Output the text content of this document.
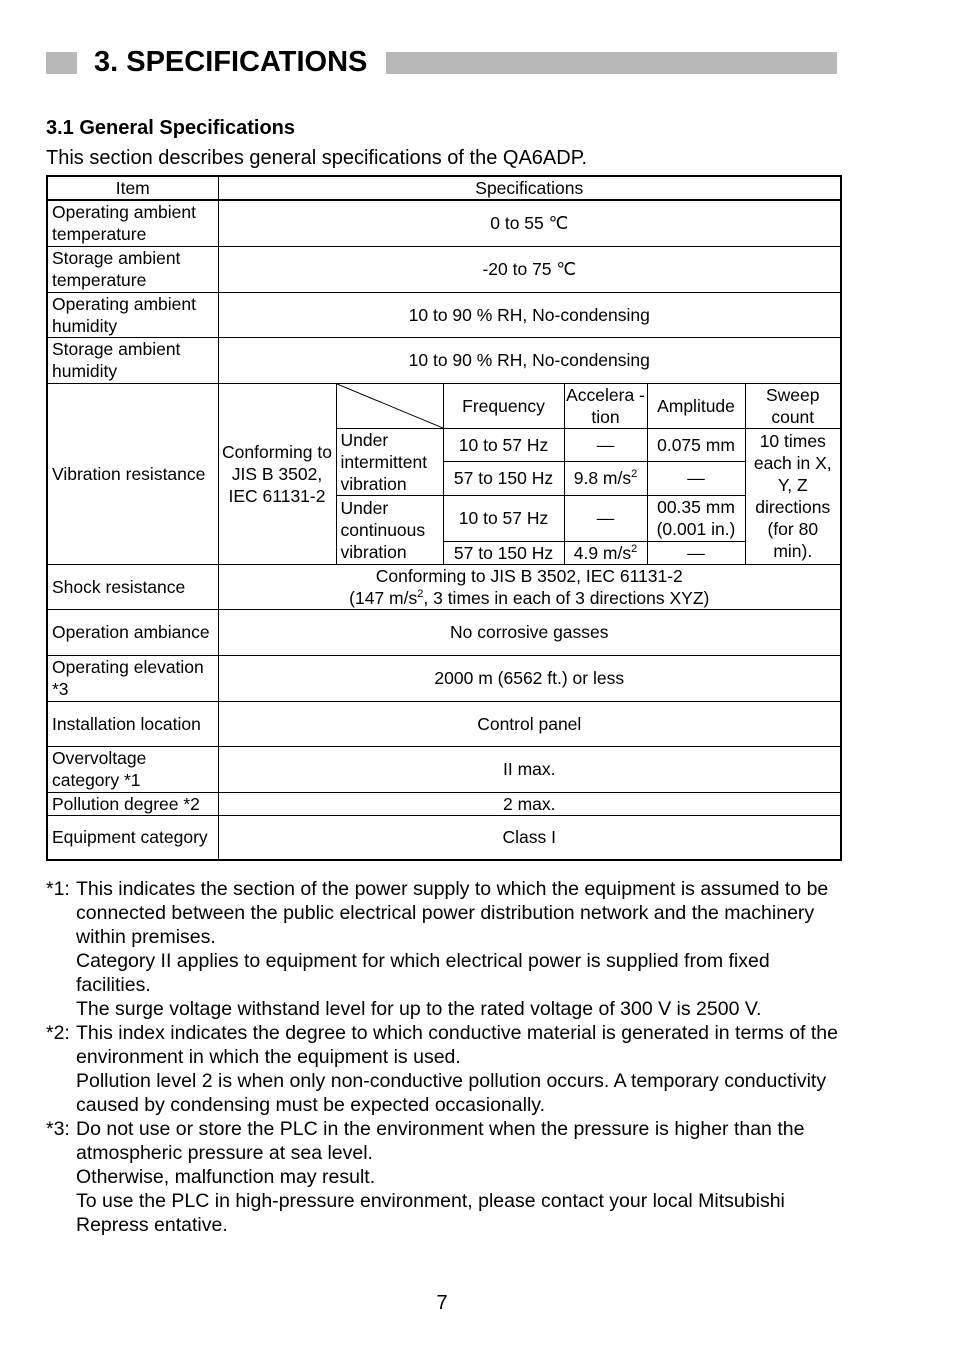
3. SPECIFICATIONS
3.1 General Specifications
This section describes general specifications of the QA6ADP.
Item	Specifications					
Operating ambient temperature	0 to 55 ℃					
Storage ambient temperature	-20 to 75 ℃					
Operating ambient humidity	10 to 90 % RH, No-condensing					
Storage ambient humidity	10 to 90 % RH, No-condensing					
Vibration resistance	Conforming to JIS B 3502, IEC 61131-2		Frequency	Accelera -tion	Amplitude	Sweep count
		Under intermittent vibration	10 to 57 Hz	—	0.075 mm	10 times each in X, Y, Z directions (for 80 min).
			57 to 150 Hz	9.8 $m/s^2$	—	
		Under continuous vibration	10 to 57 Hz	—	00.35 mm (0.001 in.)	
			57 to 150 Hz	4.9 $m/s^2$	—	
Shock resistance	Conforming to JIS B 3502, IEC 61131-2
(147 $m/s^2$, 3 times in each of 3 directions XYZ)					

Operation ambiance	No corrosive gasses					
Operating elevation *3	2000 m (6562 ft.) or less					
Installation location	Control panel					
Overvoltage category *1	II max.					
Pollution degree *2	2 max.					
Equipment category	Class I					
*1: This indicates the section of the power supply to which the equipment is assumed to be connected between the public electrical power distribution network and the machinery within premises.

Category II applies to equipment for which electrical power is supplied from fixed facilities.

The surge voltage withstand level for up to the rated voltage of 300 V is 2500 V.

*2: This index indicates the degree to which conductive material is generated in terms of the environment in which the equipment is used.

Pollution level 2 is when only non-conductive pollution occurs. A temporary conductivity caused by condensing must be expected occasionally.

*3: Do not use or store the PLC in the environment when the pressure is higher than the atmospheric pressure at sea level.

Otherwise, malfunction may result.

To use the PLC in high-pressure environment, please contact your local Mitsubishi Repress entative.

7
